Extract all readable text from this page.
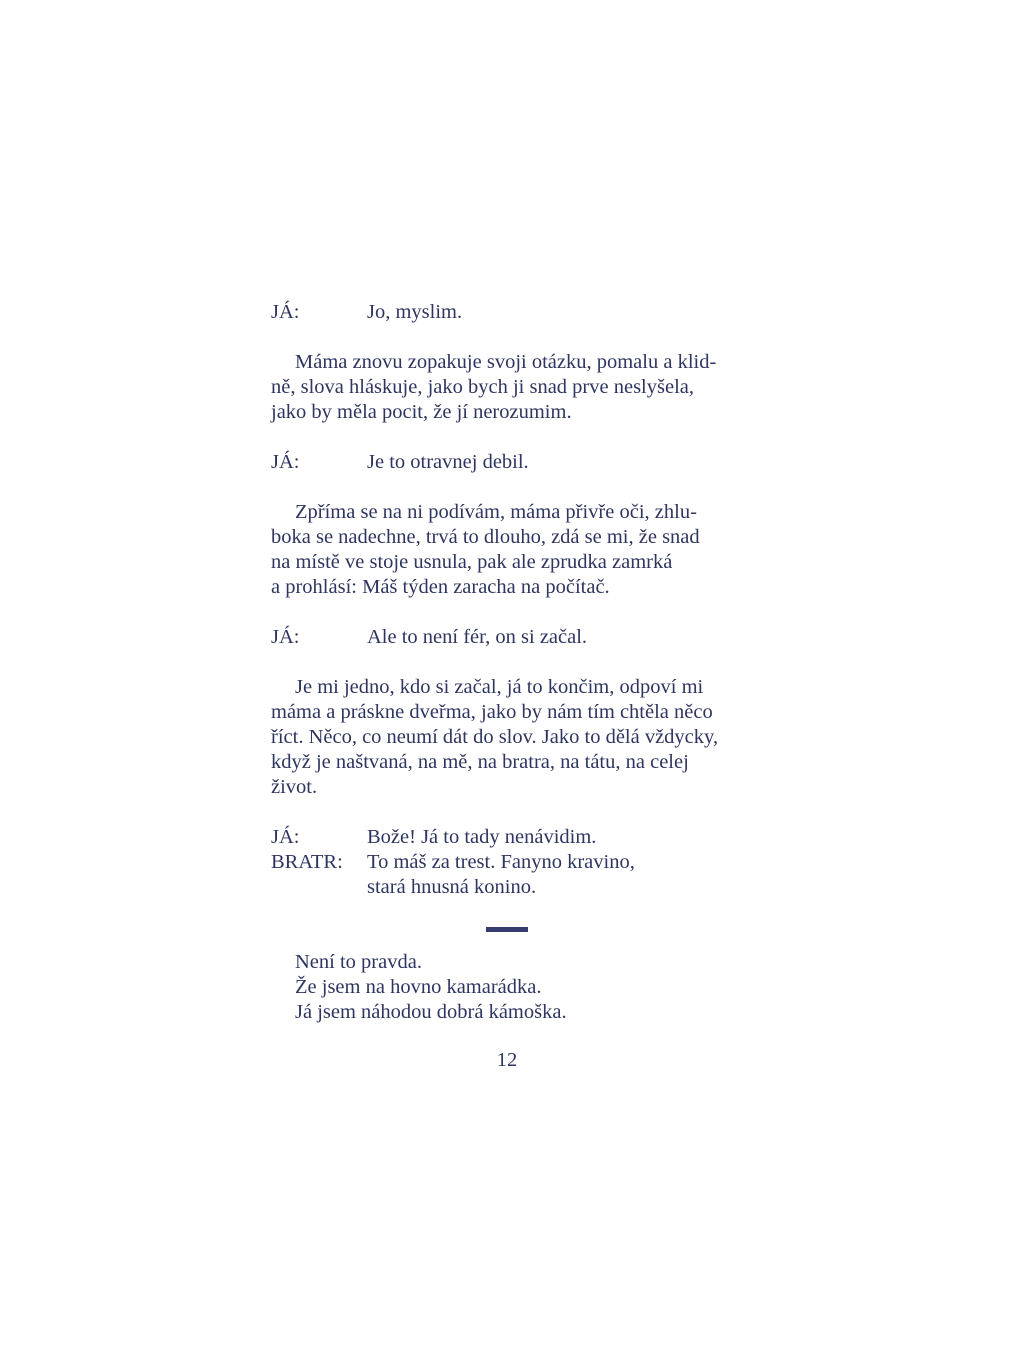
JÁ:	Jo, myslim.

Máma znovu zopakuje svoji otázku, pomalu a klid-

ně, slova hláskuje, jako bych ji snad prve neslyšela,

jako by měla pocit, že jí nerozumim.

JÁ:	Je to otravnej debil.

Zpříma se na ni podívám, máma přivře oči, zhlu-

boka se nadechne, trvá to dlouho, zdá se mi, že snad

na místě ve stoje usnula, pak ale zprudka zamrká

a prohlásí: Máš týden zaracha na počítač.

JÁ:	Ale to není fér, on si začal.

Je mi jedno, kdo si začal, já to končim, odpoví mi

máma a práskne dveřma, jako by nám tím chtěla něco

říct. Něco, co neumí dát do slov. Jako to dělá vždycky,

když je naštvaná, na mě, na bratra, na tátu, na celej

život.

JÁ:	Bože! Já to tady nenávidim.
BRATR:	To máš za trest. Fanyno kravino,
stará hnusná konino.
Není to pravda.
Že jsem na hovno kamarádka.
Já jsem náhodou dobrá kámoška.
12
